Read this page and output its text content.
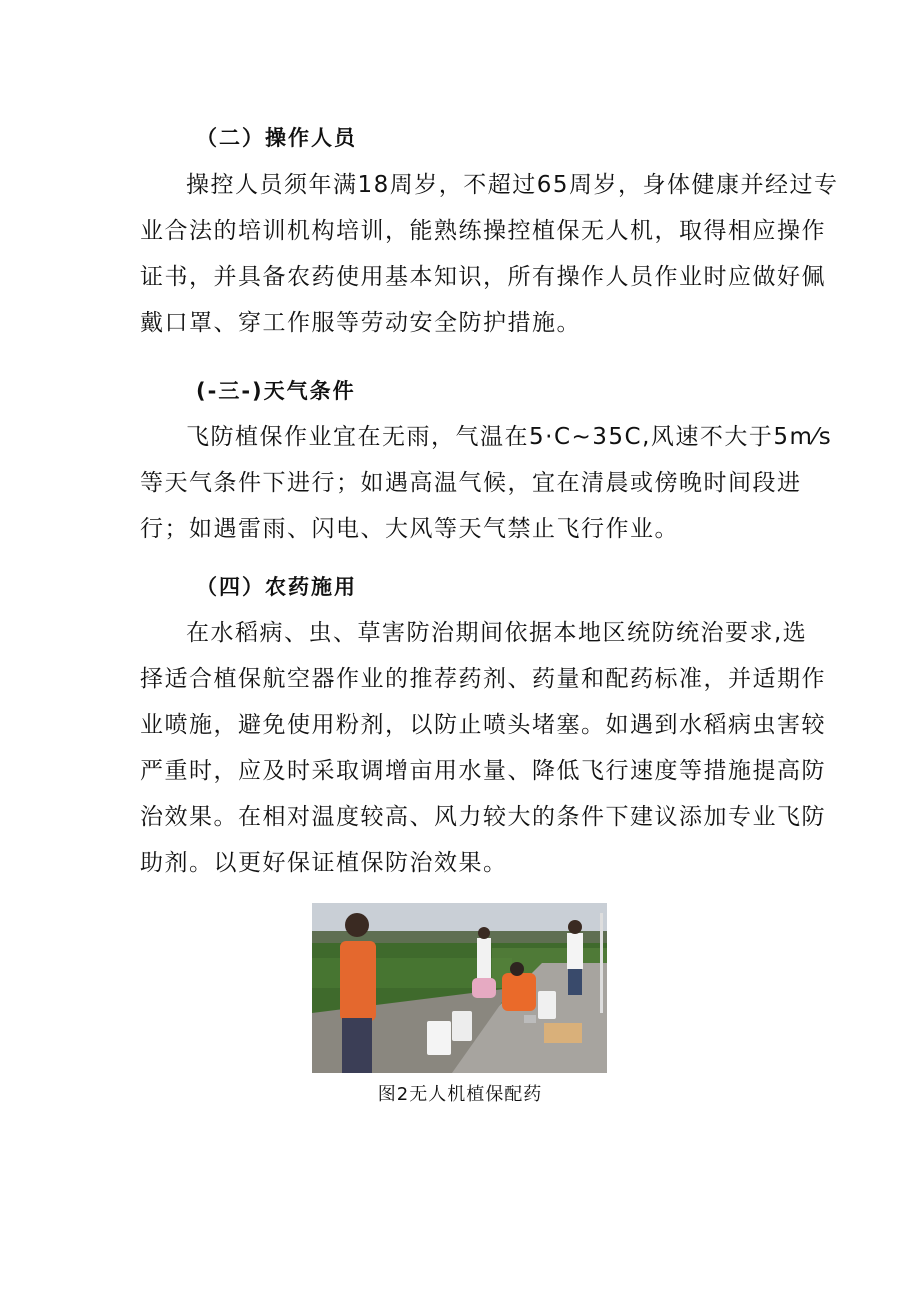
（二）操作人员
操控人员须年满18周岁，不超过65周岁，身体健康并经过专
业合法的培训机构培训，能熟练操控植保无人机，取得相应操作
证书，并具备农药使用基本知识，所有操作人员作业时应做好佩
戴口罩、穿工作服等劳动安全防护措施。
(-三-)天气条件
飞防植保作业宜在无雨，气温在5·C~35C,风速不大于5m⁄s
等天气条件下进行；如遇高温气候，宜在清晨或傍晚时间段进
行；如遇雷雨、闪电、大风等天气禁止飞行作业。
（四）农药施用
在水稻病、虫、草害防治期间依据本地区统防统治要求,选
择适合植保航空器作业的推荐药剂、药量和配药标准，并适期作
业喷施，避免使用粉剂，以防止喷头堵塞。如遇到水稻病虫害较
严重时，应及时采取调增亩用水量、降低飞行速度等措施提高防
治效果。在相对温度较高、风力较大的条件下建议添加专业飞防
助剂。以更好保证植保防治效果。
图2无人机植保配药
